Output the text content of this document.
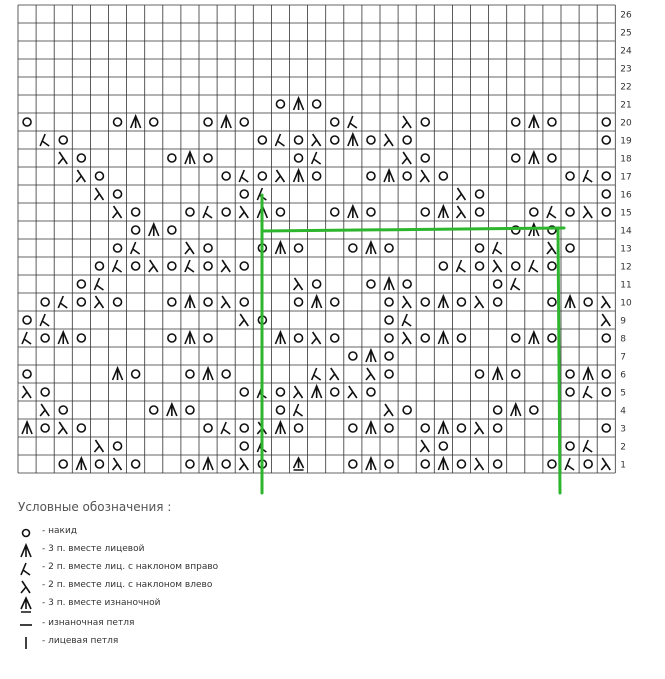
1
2
3
4
5
6
7
8
9
10
11
12
13
14
15
16
17
18
19
20
21
22
23
24
25
26
Условные обозначения :
- накид
- 3 п. вместе лицевой
- 2 п. вместе лиц. с наклоном вправо
- 2 п. вместе лиц. с наклоном влево
- 3 п. вместе изнаночной
- изнаночная петля
- лицевая петля
